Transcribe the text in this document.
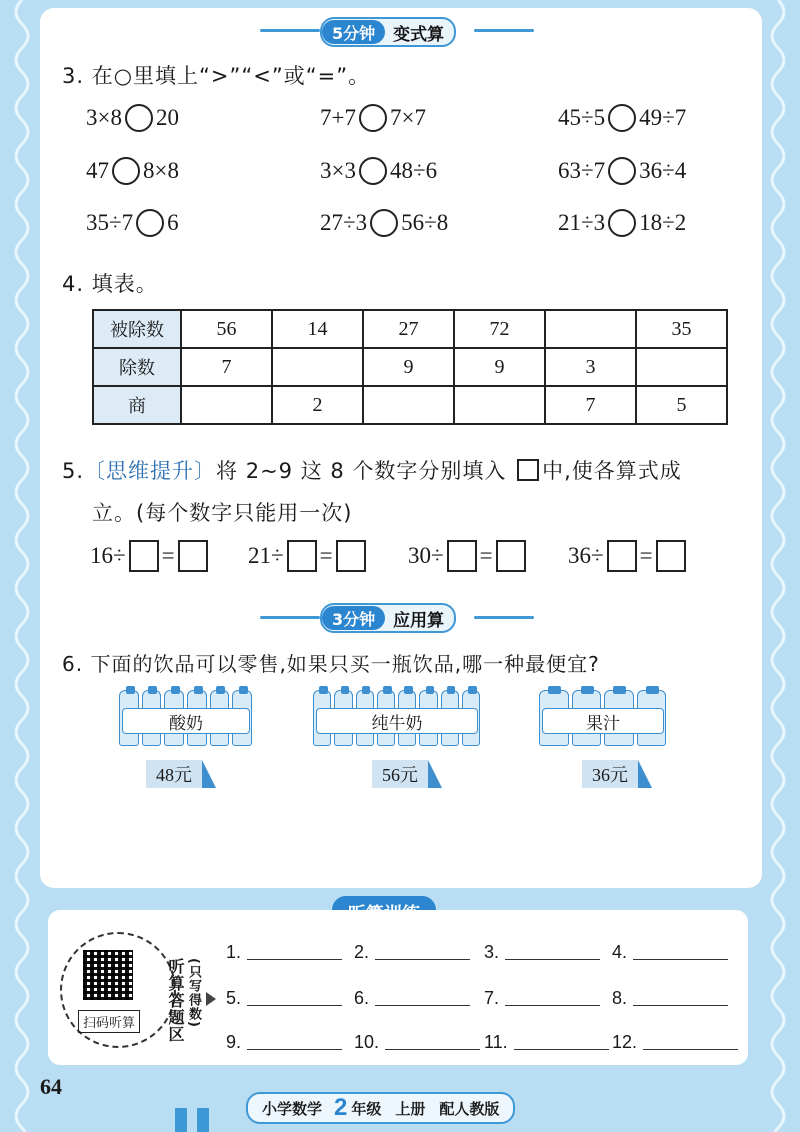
5分钟	变式算
3. 在○里填上“>”“<”或“=”。
3×8 20	7+7 7×7	45÷5 49÷7
47 8×8	3×3 48÷6	63÷7 36÷4
35÷7 6	27÷3 56÷8	21÷3 18÷2
4. 填表。
被除数	56	14	27	72		35
除数	7		9	9	3	
商		2			7	5
5.〔思维提升〕将 2~9 这 8 个数字分别填入 中,使各算式成
立。(每个数字只能用一次)
16÷ =	21÷ =	30÷ =	36÷ =
3分钟	应用算
6. 下面的饮品可以零售,如果只买一瓶饮品,哪一种最便宜?
酸奶
48元
纯牛奶
56元
果汁
36元
扫码听算	听算答题区 (只写得数)
1.	2.	3.	4.
5.	6.	7.	8.
9.	10.	11.	12.
64
小学数学 2 年级 上册 配人教版
